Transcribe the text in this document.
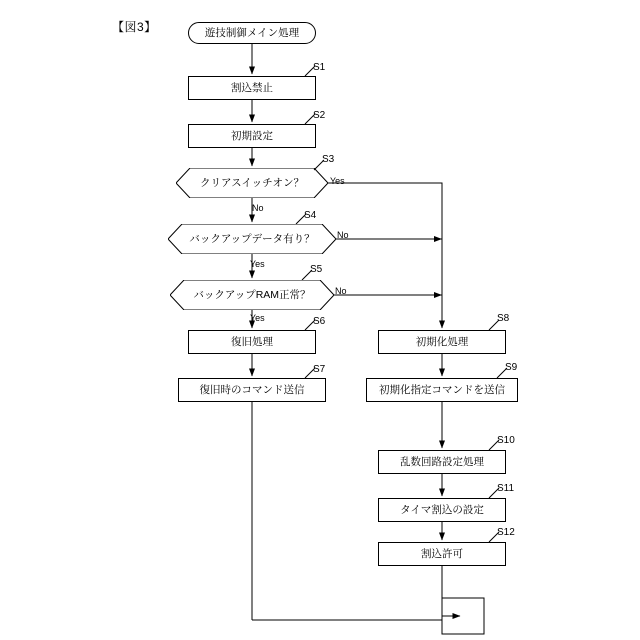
【図3】	遊技制御メイン処理
割込禁止
初期設定
クリアスイッチオン？
バックアップデータ有り？
バックアップRAM正常？
復旧処理
復旧時のコマンド送信
初期化処理
初期化指定コマンドを送信
乱数回路設定処理
タイマ割込の設定
割込許可
S1
S2
S3
S4
S5
S6
S7
S8
S9
S10
S11
S12
Yes
No
No
Yes
No
Yes
